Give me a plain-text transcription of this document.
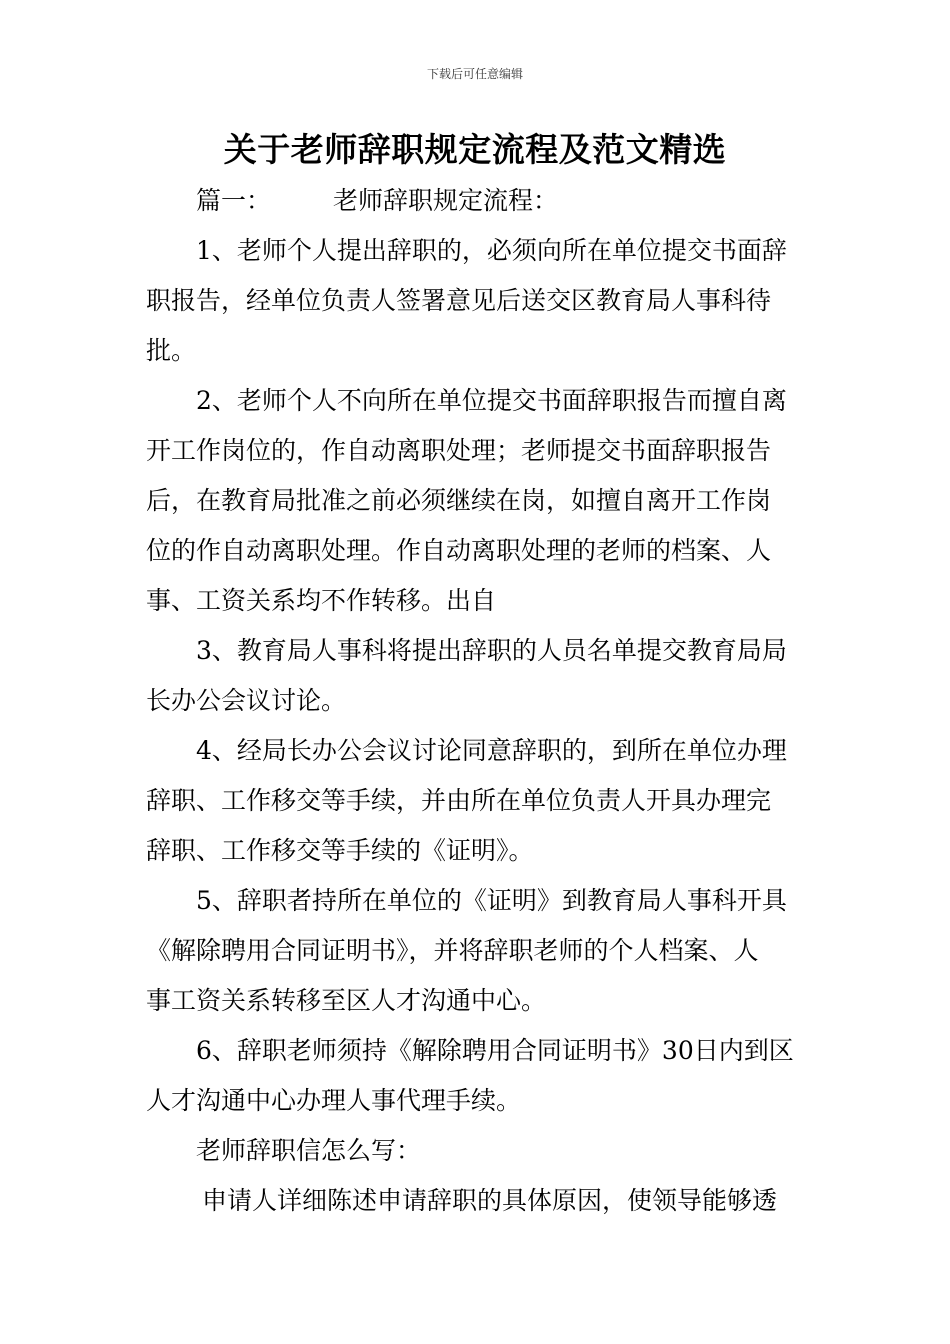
下载后可任意编辑
关于老师辞职规定流程及范文精选
篇一： 老师辞职规定流程：
1、老师个人提出辞职的，必须向所在单位提交书面辞
职报告，经单位负责人签署意见后送交区教育局人事科待
批。
2、老师个人不向所在单位提交书面辞职报告而擅自离
开工作岗位的，作自动离职处理；老师提交书面辞职报告
后，在教育局批准之前必须继续在岗，如擅自离开工作岗
位的作自动离职处理。作自动离职处理的老师的档案、人
事、工资关系均不作转移。出自
3、教育局人事科将提出辞职的人员名单提交教育局局
长办公会议讨论。
4、经局长办公会议讨论同意辞职的，到所在单位办理
辞职、工作移交等手续，并由所在单位负责人开具办理完
辞职、工作移交等手续的《证明》。
5、辞职者持所在单位的《证明》到教育局人事科开具
《解除聘用合同证明书》，并将辞职老师的个人档案、人
事工资关系转移至区人才沟通中心。
6、辞职老师须持《解除聘用合同证明书》30日内到区
人才沟通中心办理人事代理手续。
老师辞职信怎么写：
申请人详细陈述申请辞职的具体原因，使领导能够透
